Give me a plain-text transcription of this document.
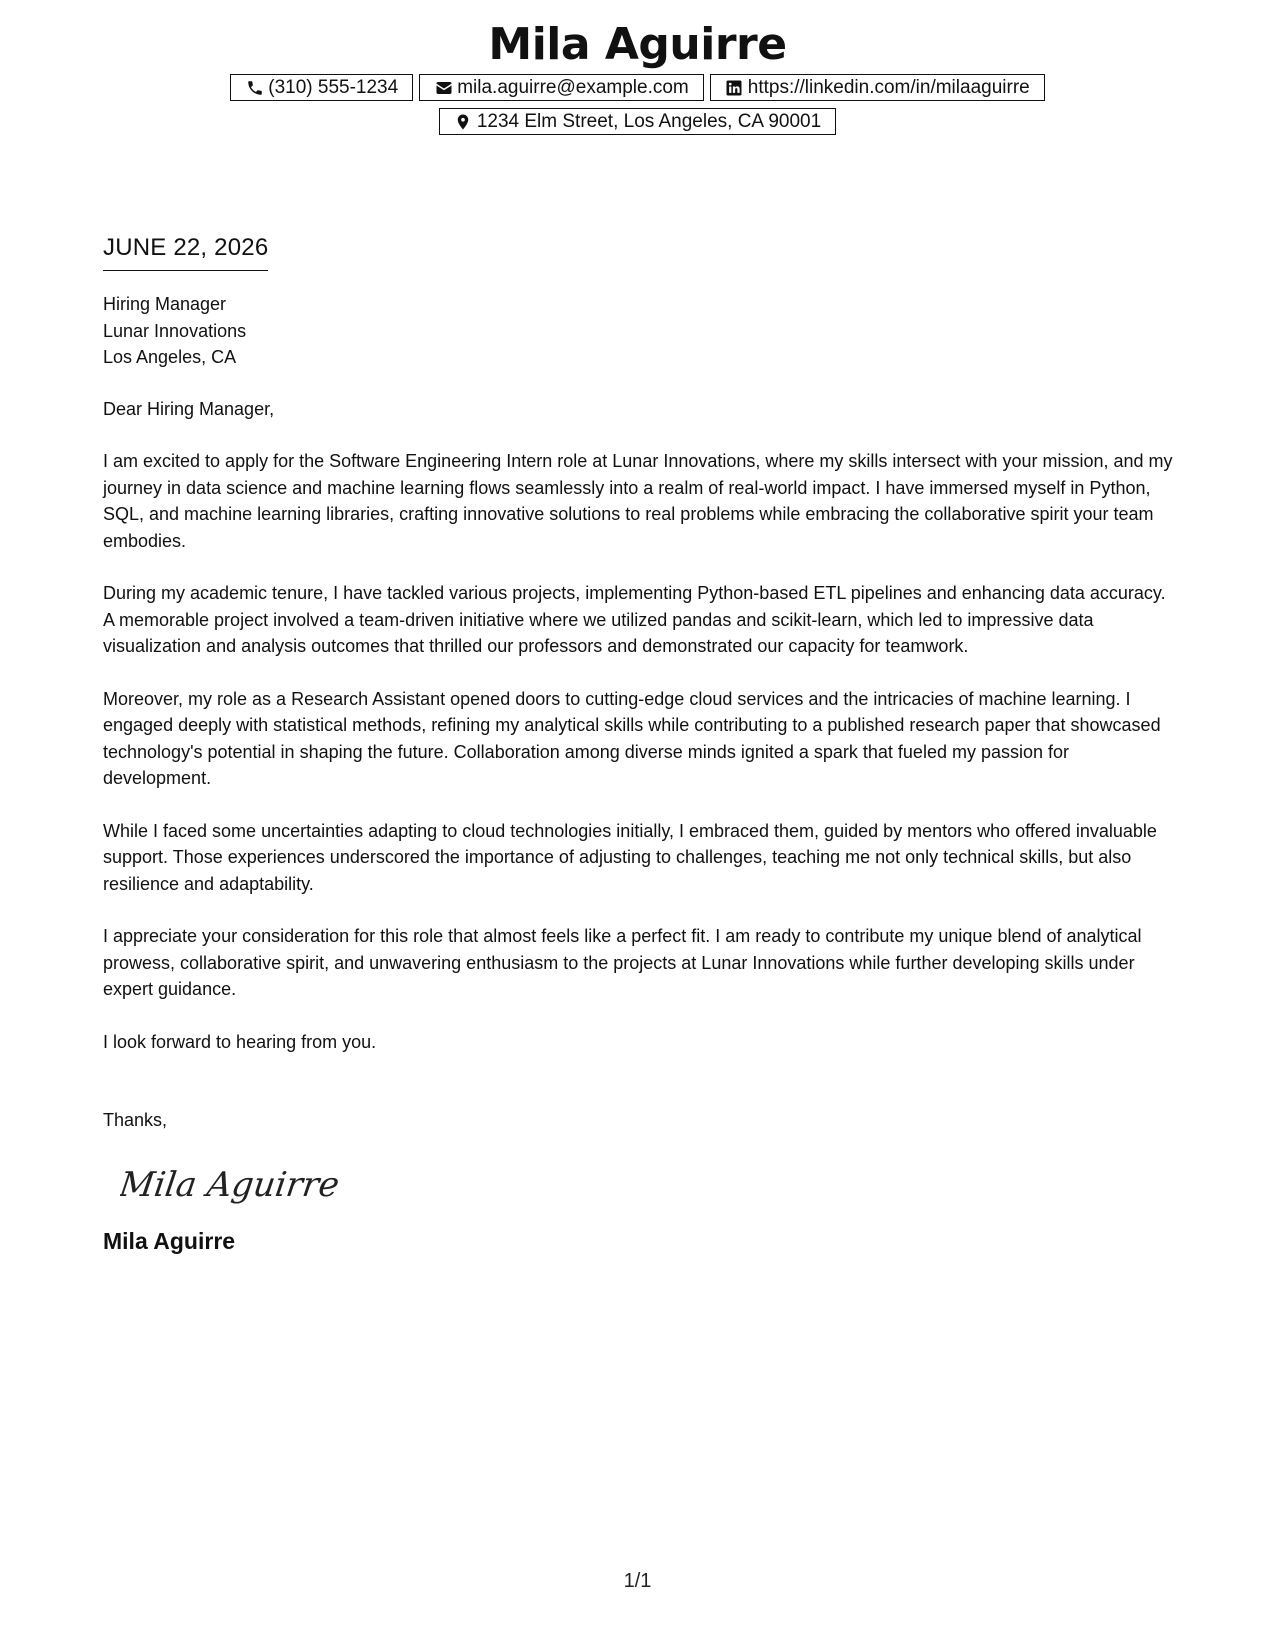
Mila Aguirre
(310) 555-1234	mila.aguirre@example.com	https://linkedin.com/in/milaaguirre
1234 Elm Street, Los Angeles, CA 90001
JUNE 22, 2026
Hiring Manager
Lunar Innovations
Los Angeles, CA
Dear Hiring Manager,
I am excited to apply for the Software Engineering Intern role at Lunar Innovations, where my skills intersect with your mission, and my journey in data science and machine learning flows seamlessly into a realm of real-world impact. I have immersed myself in Python, SQL, and machine learning libraries, crafting innovative solutions to real problems while embracing the collaborative spirit your team embodies.
During my academic tenure, I have tackled various projects, implementing Python-based ETL pipelines and enhancing data accuracy. A memorable project involved a team-driven initiative where we utilized pandas and scikit-learn, which led to impressive data visualization and analysis outcomes that thrilled our professors and demonstrated our capacity for teamwork.
Moreover, my role as a Research Assistant opened doors to cutting-edge cloud services and the intricacies of machine learning. I engaged deeply with statistical methods, refining my analytical skills while contributing to a published research paper that showcased technology's potential in shaping the future. Collaboration among diverse minds ignited a spark that fueled my passion for development.
While I faced some uncertainties adapting to cloud technologies initially, I embraced them, guided by mentors who offered invaluable support. Those experiences underscored the importance of adjusting to challenges, teaching me not only technical skills, but also resilience and adaptability.
I appreciate your consideration for this role that almost feels like a perfect fit. I am ready to contribute my unique blend of analytical prowess, collaborative spirit, and unwavering enthusiasm to the projects at Lunar Innovations while further developing skills under expert guidance.
I look forward to hearing from you.
Thanks,
Mila Aguirre
Mila Aguirre
1/1
